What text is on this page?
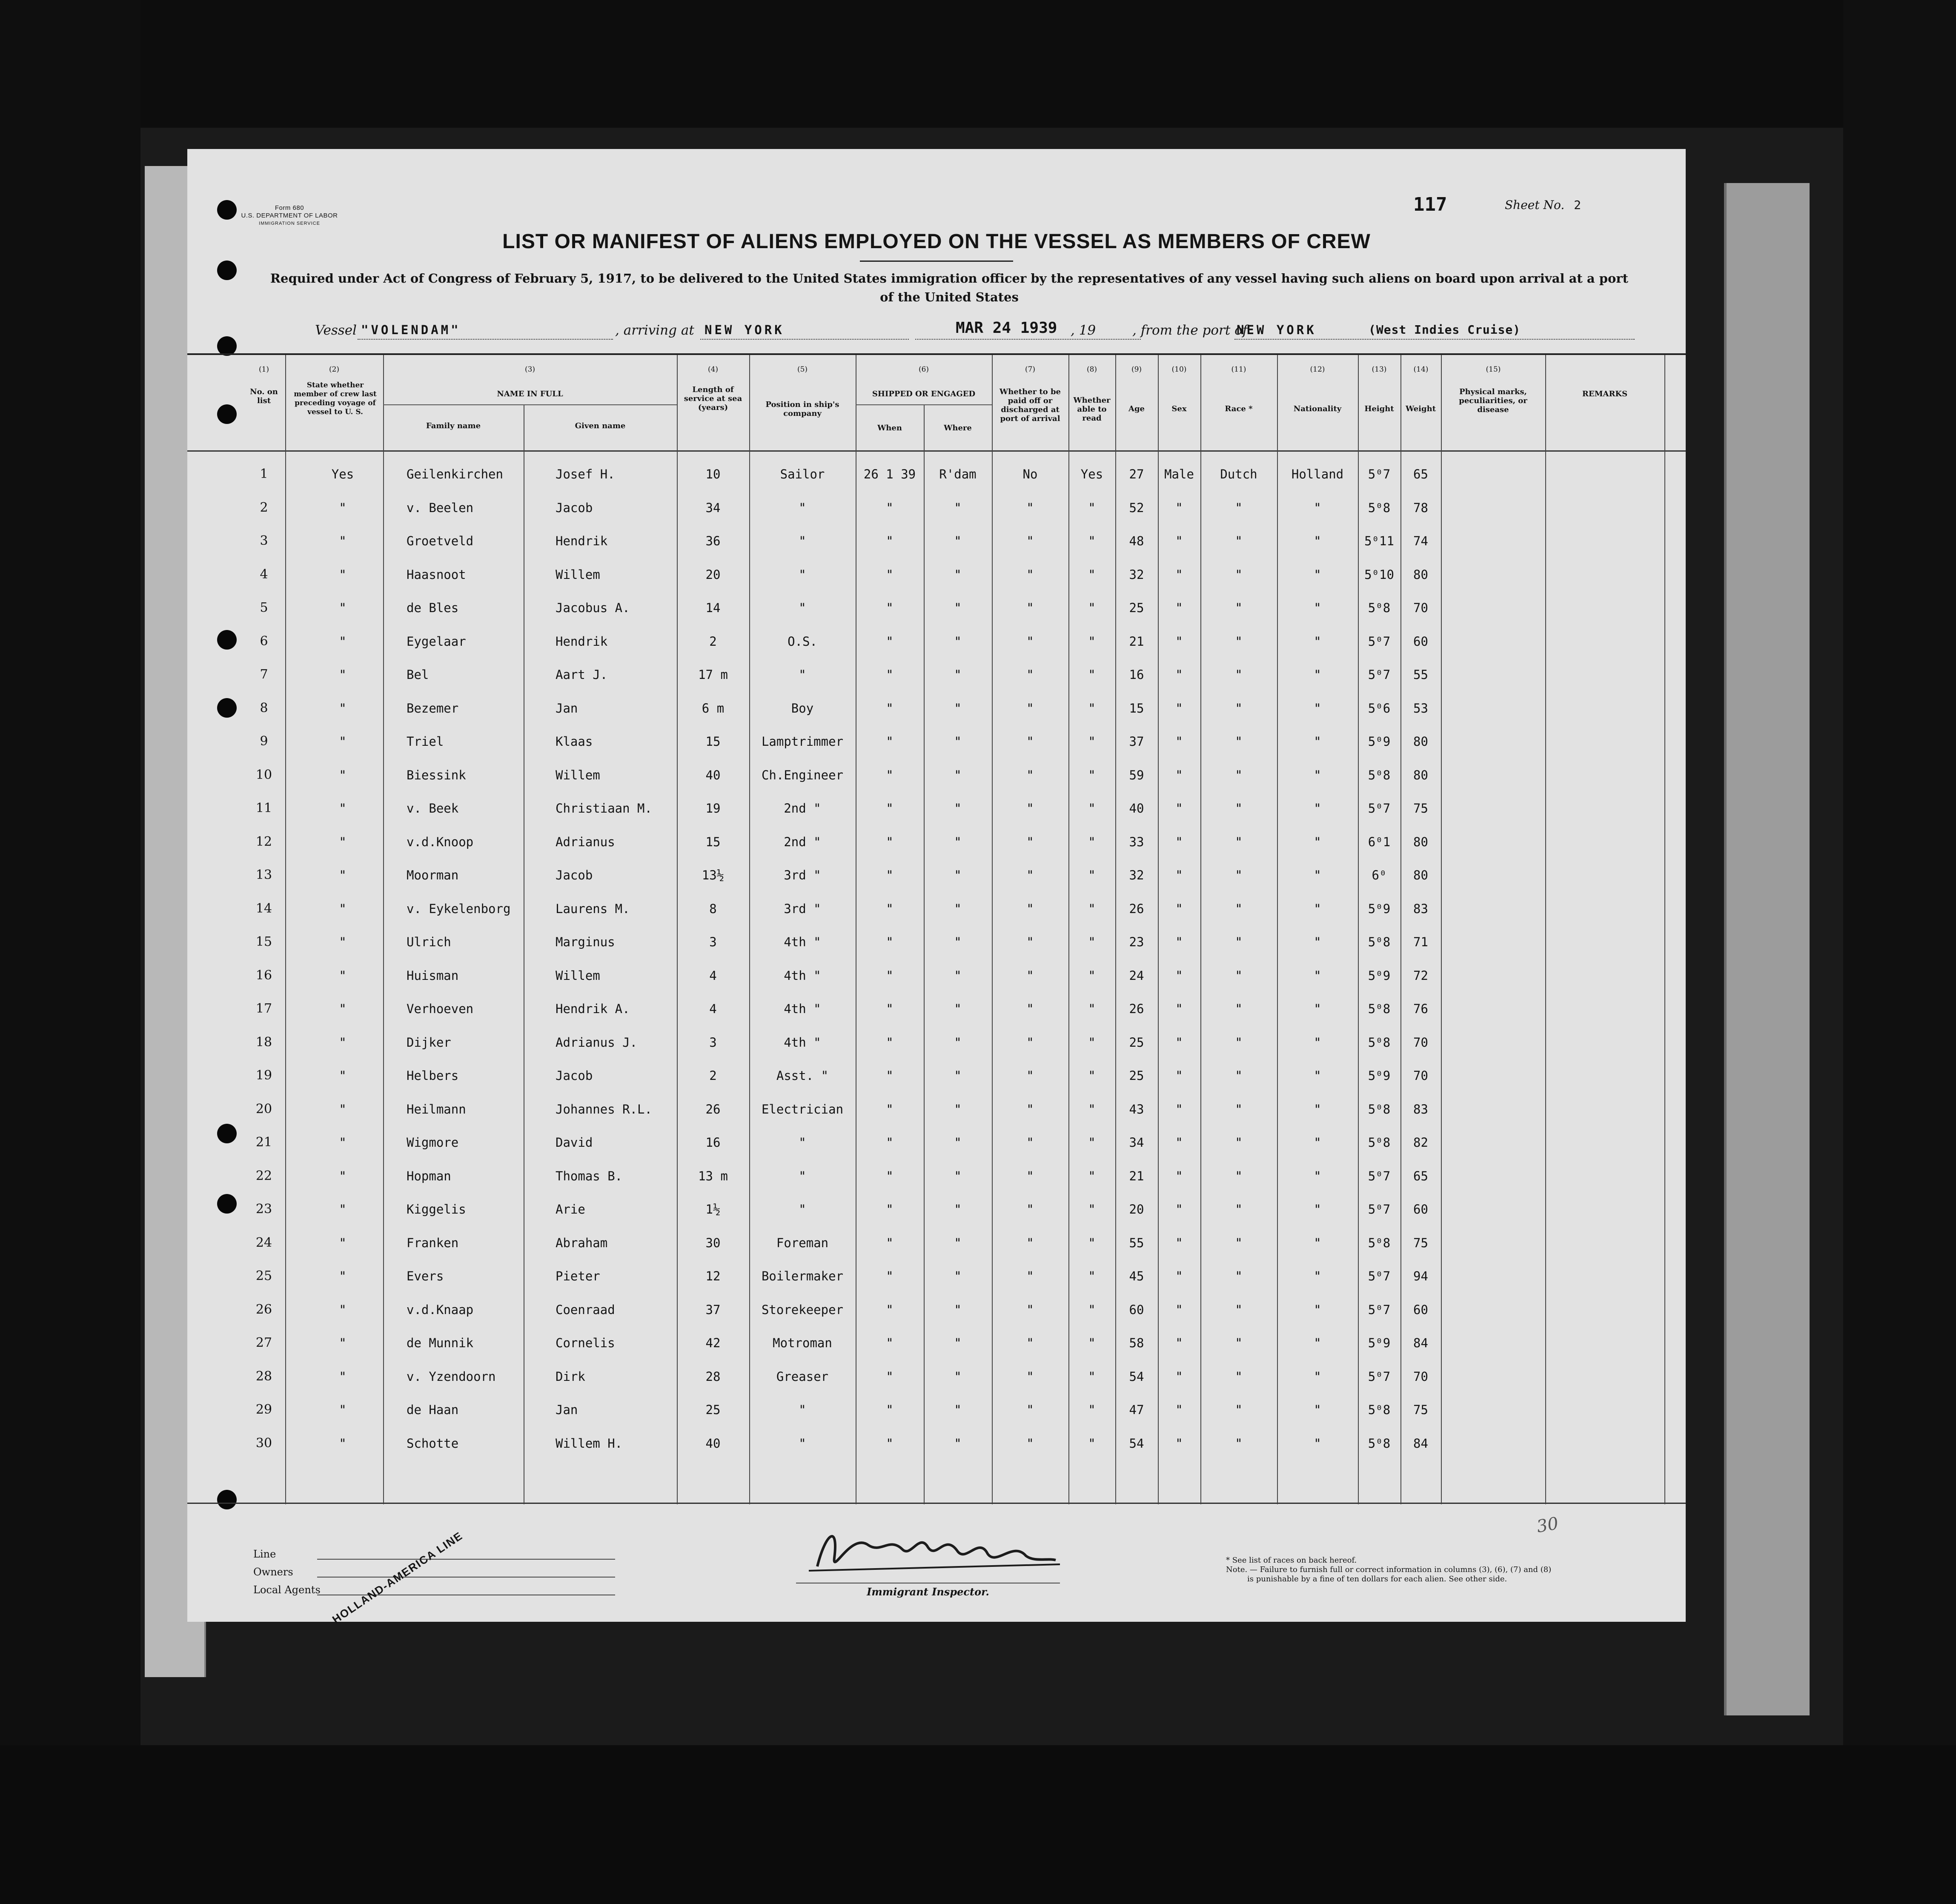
Form 680
U.S. DEPARTMENT OF LABOR
IMMIGRATION SERVICE
117	Sheet No. 2
LIST OR MANIFEST OF ALIENS EMPLOYED ON THE VESSEL AS MEMBERS OF CREW
Required under Act of Congress of February 5, 1917, to be delivered to the United States immigration officer by the representatives of any vessel having such aliens on board upon arrival at a port
of the United States
Vessel "VOLENDAM"	, arriving at NEW YORK	MAR 24 1939 , 19	, from the port of
NEW YORK	(West Indies Cruise)
(1)	(2)	(3)	(4)	(5)	(6)	(7)	(8)	(9)	(10)	(11)	(12)	(13)	(14)	(15)
No. on list
State whether member of crew last preceding voyage of vessel to U. S.
NAME IN FULL
Family name	Given name
Length of service at sea (years)	Position in ship's company
SHIPPED OR ENGAGED
When	Where
Whether to be paid off or discharged at port of arrival
Whether able to read
Age	Sex	Race *	Nationality	Height	Weight
Physical marks, peculiarities, or disease
REMARKS
1	Yes	Geilenkirchen	Josef H.	10	Sailor	26 1 39	R'dam	No	Yes	27	Male	Dutch	Holland	5⁰7	65
2	"	v. Beelen	Jacob	34	"	"	"	"	"	52	"	"	"	5⁰8	78
3	"	Groetveld	Hendrik	36	"	"	"	"	"	48	"	"	"	5⁰11	74
4	"	Haasnoot	Willem	20	"	"	"	"	"	32	"	"	"	5⁰10	80
5	"	de Bles	Jacobus A.	14	"	"	"	"	"	25	"	"	"	5⁰8	70
6	"	Eygelaar	Hendrik	2	O.S.	"	"	"	"	21	"	"	"	5⁰7	60
7	"	Bel	Aart J.	17 m	"	"	"	"	"	16	"	"	"	5⁰7	55
8	"	Bezemer	Jan	6 m	Boy	"	"	"	"	15	"	"	"	5⁰6	53
9	"	Triel	Klaas	15	Lamptrimmer	"	"	"	"	37	"	"	"	5⁰9	80
10	"	Biessink	Willem	40	Ch.Engineer	"	"	"	"	59	"	"	"	5⁰8	80
11	"	v. Beek	Christiaan M.	19	2nd "	"	"	"	"	40	"	"	"	5⁰7	75
12	"	v.d.Knoop	Adrianus	15	2nd "	"	"	"	"	33	"	"	"	6⁰1	80
13	"	Moorman	Jacob	13½	3rd "	"	"	"	"	32	"	"	"	6⁰	80
14	"	v. Eykelenborg	Laurens M.	8	3rd "	"	"	"	"	26	"	"	"	5⁰9	83
15	"	Ulrich	Marginus	3	4th "	"	"	"	"	23	"	"	"	5⁰8	71
16	"	Huisman	Willem	4	4th "	"	"	"	"	24	"	"	"	5⁰9	72
17	"	Verhoeven	Hendrik A.	4	4th "	"	"	"	"	26	"	"	"	5⁰8	76
18	"	Dijker	Adrianus J.	3	4th "	"	"	"	"	25	"	"	"	5⁰8	70
19	"	Helbers	Jacob	2	Asst. "	"	"	"	"	25	"	"	"	5⁰9	70
20	"	Heilmann	Johannes R.L.	26	Electrician	"	"	"	"	43	"	"	"	5⁰8	83
21	"	Wigmore	David	16	"	"	"	"	"	34	"	"	"	5⁰8	82
22	"	Hopman	Thomas B.	13 m	"	"	"	"	"	21	"	"	"	5⁰7	65
23	"	Kiggelis	Arie	1½	"	"	"	"	"	20	"	"	"	5⁰7	60
24	"	Franken	Abraham	30	Foreman	"	"	"	"	55	"	"	"	5⁰8	75
25	"	Evers	Pieter	12	Boilermaker	"	"	"	"	45	"	"	"	5⁰7	94
26	"	v.d.Knaap	Coenraad	37	Storekeeper	"	"	"	"	60	"	"	"	5⁰7	60
27	"	de Munnik	Cornelis	42	Motroman	"	"	"	"	58	"	"	"	5⁰9	84
28	"	v. Yzendoorn	Dirk	28	Greaser	"	"	"	"	54	"	"	"	5⁰7	70
29	"	de Haan	Jan	25	"	"	"	"	"	47	"	"	"	5⁰8	75
30	"	Schotte	Willem H.	40	"	"	"	"	"	54	"	"	"	5⁰8	84
Line
Owners
Local Agents HOLLAND-AMERICA LINE	Immigrant Inspector.
30
* See list of races on back hereof.
Note. — Failure to furnish full or correct information in columns (3), (6), (7) and (8)
is punishable by a fine of ten dollars for each alien. See other side.
